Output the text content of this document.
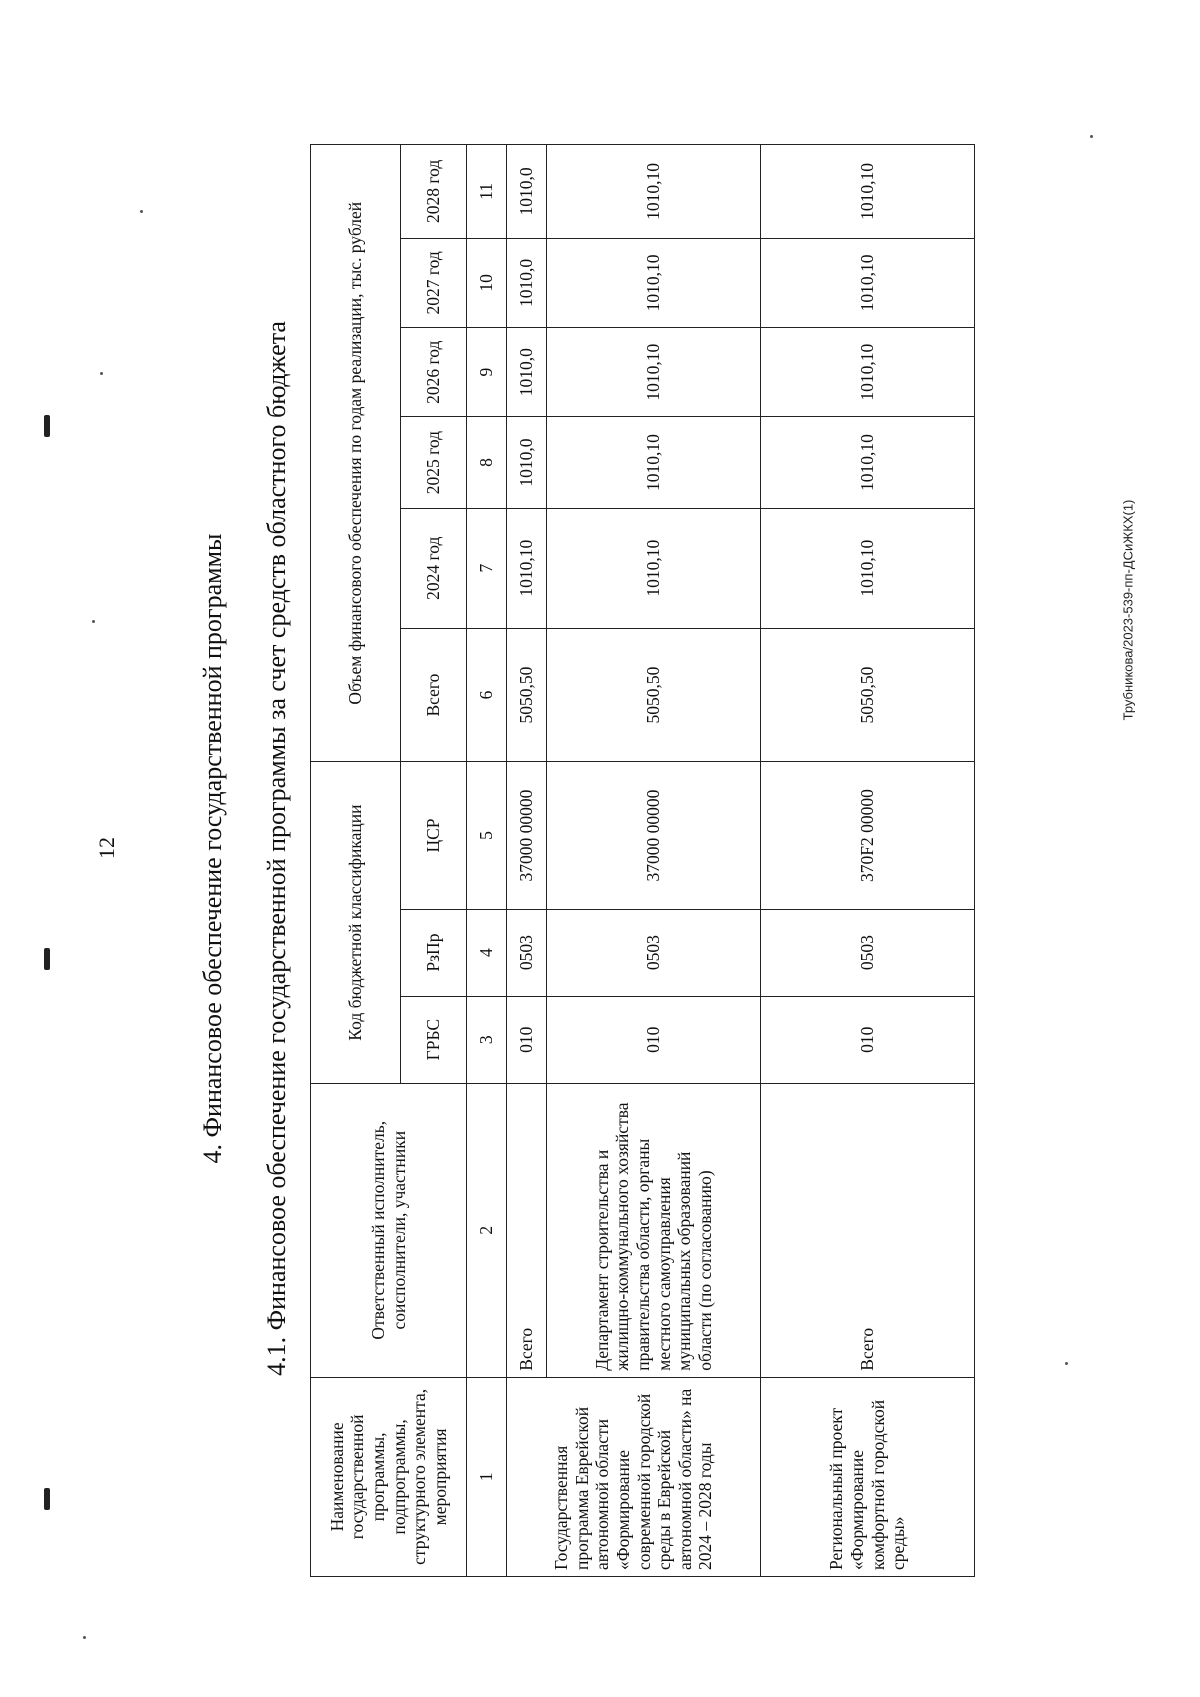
12
Трубникова/2023-539-пп-ДСиЖКХ(1)
4. Финансовое обеспечение государственной программы 4.1. Финансовое обеспечение государственной программы за счет средств областного бюджета
Наименование государственной программы, подпрограммы, структурного элемента, мероприятия	Ответственный исполнитель, соисполнители, участники	Код бюджетной классификации			Объем финансового обеспечения по годам реализации, тыс. рублей					
		ГРБС	РзПр	ЦСР	Всего	2024 год	2025 год	2026 год	2027 год	2028 год
1	2	3	4	5	6	7	8	9	10	11
Государственная программа Еврейской автономной области «Формирование современной городской среды в Еврейской автономной области» на 2024 – 2028 годы	Всего	010	0503	37000 00000	5050,50	1010,10	1010,0	1010,0	1010,0	1010,0
	Департамент строительства и жилищно-коммунального хозяйства правительства области, органы местного самоуправления муниципальных образований области (по согласованию)	010	0503	37000 00000	5050,50	1010,10	1010,10	1010,10	1010,10	1010,10
Региональный проект «Формирование комфортной городской среды»	Всего	010	0503	370F2 00000	5050,50	1010,10	1010,10	1010,10	1010,10	1010,10
